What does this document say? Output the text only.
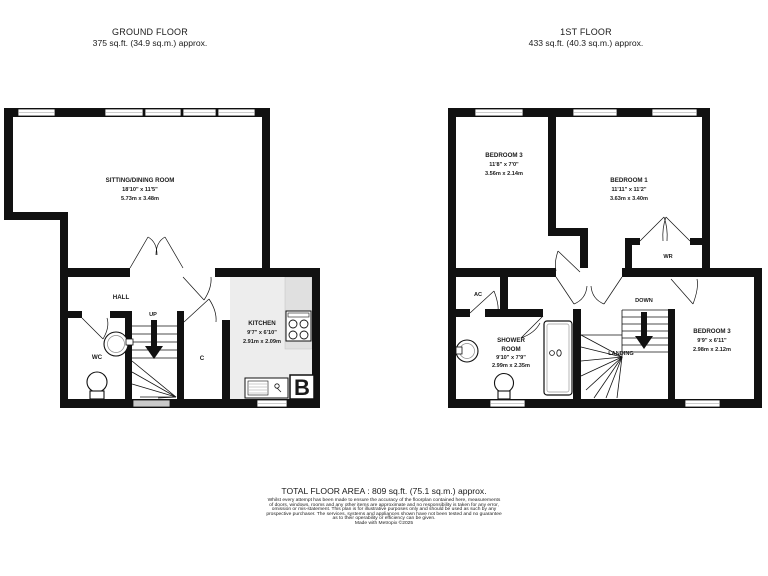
GROUND FLOOR
375 sq.ft. (34.9 sq.m.) approx.
1ST FLOOR
433 sq.ft. (40.3 sq.m.) approx.
B
SITTING/DINING ROOM
18'10" x 11'5"
5.73m x 3.48m
HALL
UP
KITCHEN
9'7" x 6'10"
2.91m x 2.09m
WC	C
BEDROOM 3
11'8" x 7'0"
3.56m x 2.14m
BEDROOM 1
11'11" x 11'2"
3.63m x 3.40m
BEDROOM 3
9'9" x 6'11"
2.98m x 2.12m
SHOWER
ROOM
9'10" x 7'9"
2.99m x 2.35m
AC
WR
DOWN
LANDING
TOTAL FLOOR AREA : 809 sq.ft. (75.1 sq.m.) approx.
Whilst every attempt has been made to ensure the accuracy of the floorplan contained here, measurements
of doors, windows, rooms and any other items are approximate and no responsibility is taken for any error,
omission or mis-statement. This plan is for illustrative purposes only and should be used as such by any
prospective purchaser. The services, systems and appliances shown have not been tested and no guarantee
as to their operability or efficiency can be given.
Made with Metropix ©2025
